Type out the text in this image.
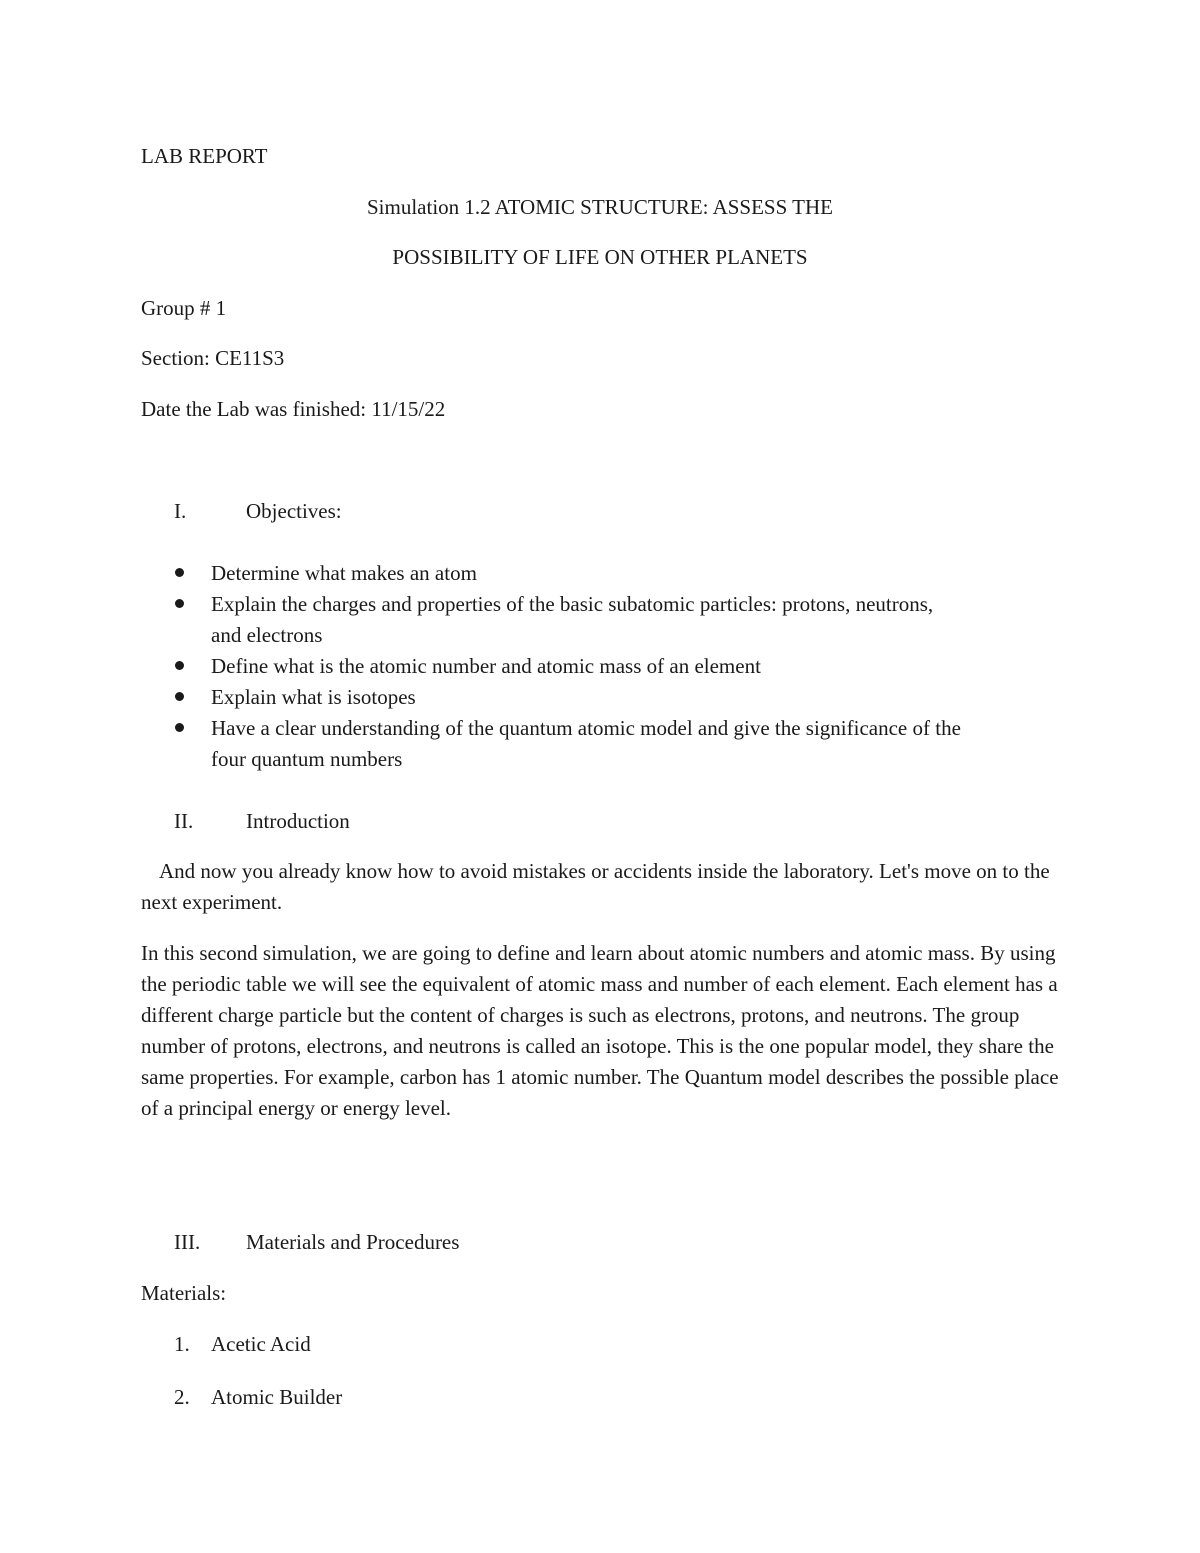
LAB REPORT
Simulation 1.2 ATOMIC STRUCTURE: ASSESS THE
POSSIBILITY OF LIFE ON OTHER PLANETS
Group # 1
Section: CE11S3
Date the Lab was finished: 11/15/22
I.	Objectives:
Determine what makes an atom
Explain the charges and properties of the basic subatomic particles: protons, neutrons,
and electrons
Define what is the atomic number and atomic mass of an element
Explain what is isotopes
Have a clear understanding of the quantum atomic model and give the significance of the
four quantum numbers
II.	Introduction
And now you already know how to avoid mistakes or accidents inside the laboratory. Let's move on to the next experiment.
In this second simulation, we are going to define and learn about atomic numbers and atomic mass. By using the periodic table we will see the equivalent of atomic mass and number of each element. Each element has a different charge particle but the content of charges is such as electrons, protons, and neutrons. The group number of protons, electrons, and neutrons is called an isotope. This is the one popular model, they share the same properties. For example, carbon has 1 atomic number. The Quantum model describes the possible place of a principal energy or energy level.
III. Materials and Procedures
Materials:
1. Acetic Acid
2. Atomic Builder
